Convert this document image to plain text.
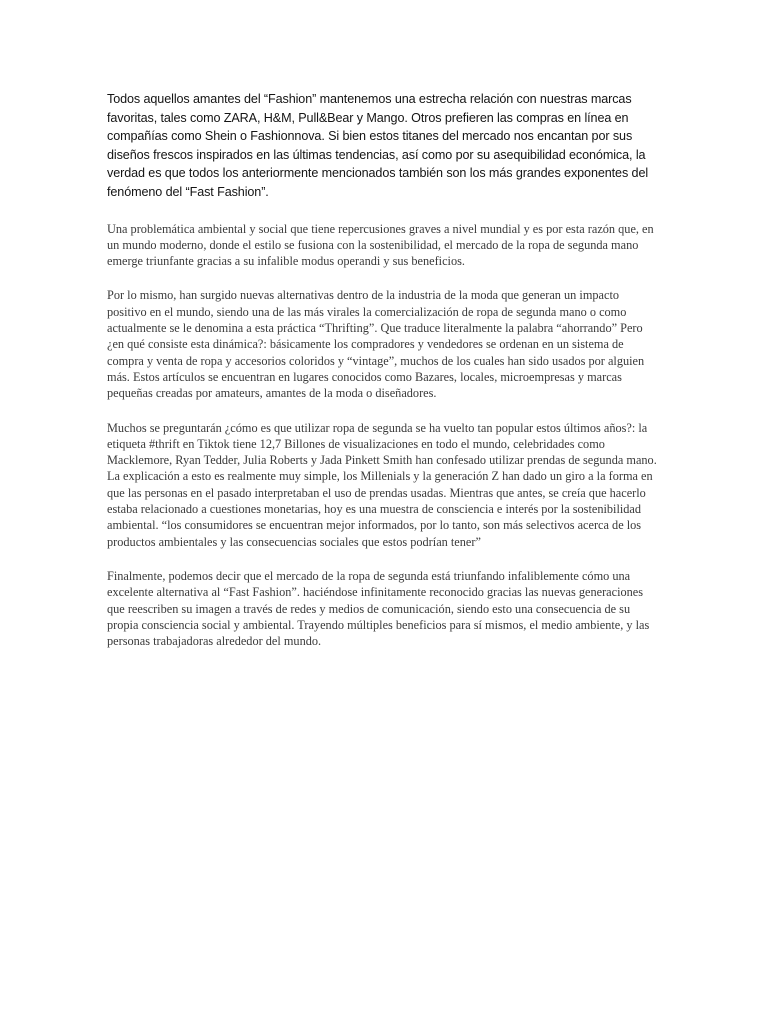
Todos aquellos amantes del “Fashion” mantenemos una estrecha relación con nuestras marcas favoritas, tales como ZARA, H&M, Pull&Bear y Mango. Otros prefieren las compras en línea en compañías como Shein o Fashionnova. Si bien estos titanes del mercado nos encantan por sus diseños frescos inspirados en las últimas tendencias, así como por su asequibilidad económica, la verdad es que todos los anteriormente mencionados también son los más grandes exponentes del fenómeno del “Fast Fashion”.

Una problemática ambiental y social que tiene repercusiones graves a nivel mundial y es por esta razón que, en un mundo moderno, donde el estilo se fusiona con la sostenibilidad, el mercado de la ropa de segunda mano emerge triunfante gracias a su infalible modus operandi y sus beneficios.

Por lo mismo, han surgido nuevas alternativas dentro de la industria de la moda que generan un impacto positivo en el mundo, siendo una de las más virales la comercialización de ropa de segunda mano o como actualmente se le denomina a esta práctica “Thrifting”. Que traduce literalmente la palabra “ahorrando” Pero ¿en qué consiste esta dinámica?: básicamente los compradores y vendedores se ordenan en un sistema de compra y venta de ropa y accesorios coloridos y “vintage”, muchos de los cuales han sido usados por alguien más. Estos artículos se encuentran en lugares conocidos como Bazares, locales, microempresas y marcas pequeñas creadas por amateurs, amantes de la moda o diseñadores.

Muchos se preguntarán ¿cómo es que utilizar ropa de segunda se ha vuelto tan popular estos últimos años?: la etiqueta #thrift en Tiktok tiene 12,7 Billones de visualizaciones en todo el mundo, celebridades como Macklemore, Ryan Tedder, Julia Roberts y Jada Pinkett Smith han confesado utilizar prendas de segunda mano. La explicación a esto es realmente muy simple, los Millenials y la generación Z han dado un giro a la forma en que las personas en el pasado interpretaban el uso de prendas usadas. Mientras que antes, se creía que hacerlo estaba relacionado a cuestiones monetarias, hoy es una muestra de consciencia e interés por la sostenibilidad ambiental. “los consumidores se encuentran mejor informados, por lo tanto, son más selectivos acerca de los productos ambientales y las consecuencias sociales que estos podrían tener”

Finalmente, podemos decir que el mercado de la ropa de segunda está triunfando infaliblemente cómo una excelente alternativa al “Fast Fashion”. haciéndose infinitamente reconocido gracias las nuevas generaciones que reescriben su imagen a través de redes y medios de comunicación, siendo esto una consecuencia de su propia consciencia social y ambiental. Trayendo múltiples beneficios para sí mismos, el medio ambiente, y las personas trabajadoras alrededor del mundo.
